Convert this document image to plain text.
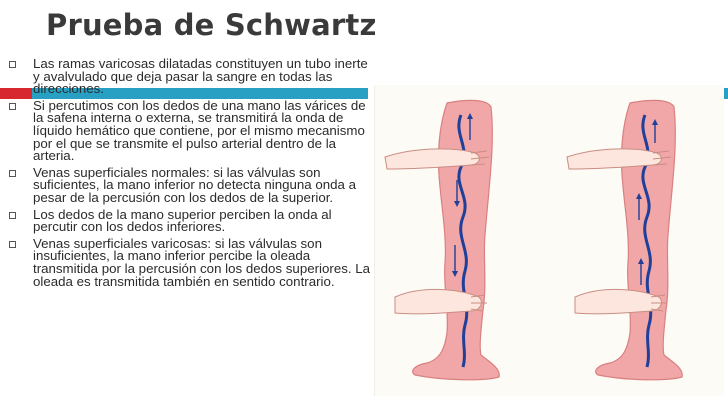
Prueba de Schwartz
Las ramas varicosas dilatadas constituyen un tubo inerte y avalvulado que deja pasar la sangre en todas las direcciones.
Si percutimos con los dedos de una mano las várices de la safena interna o externa, se transmitirá la onda de líquido hemático que contiene, por el mismo mecanismo por el que se transmite el pulso arterial dentro de la arteria.
Venas superficiales normales: si las válvulas son suficientes, la mano inferior no detecta ninguna onda a pesar de la percusión con los dedos de la superior.
Los dedos de la mano superior perciben la onda al percutir con los dedos inferiores.
Venas superficiales varicosas: si las válvulas son insuficientes, la mano inferior percibe la oleada transmitida por la percusión con los dedos superiores. La oleada es transmitida también en sentido contrario.
